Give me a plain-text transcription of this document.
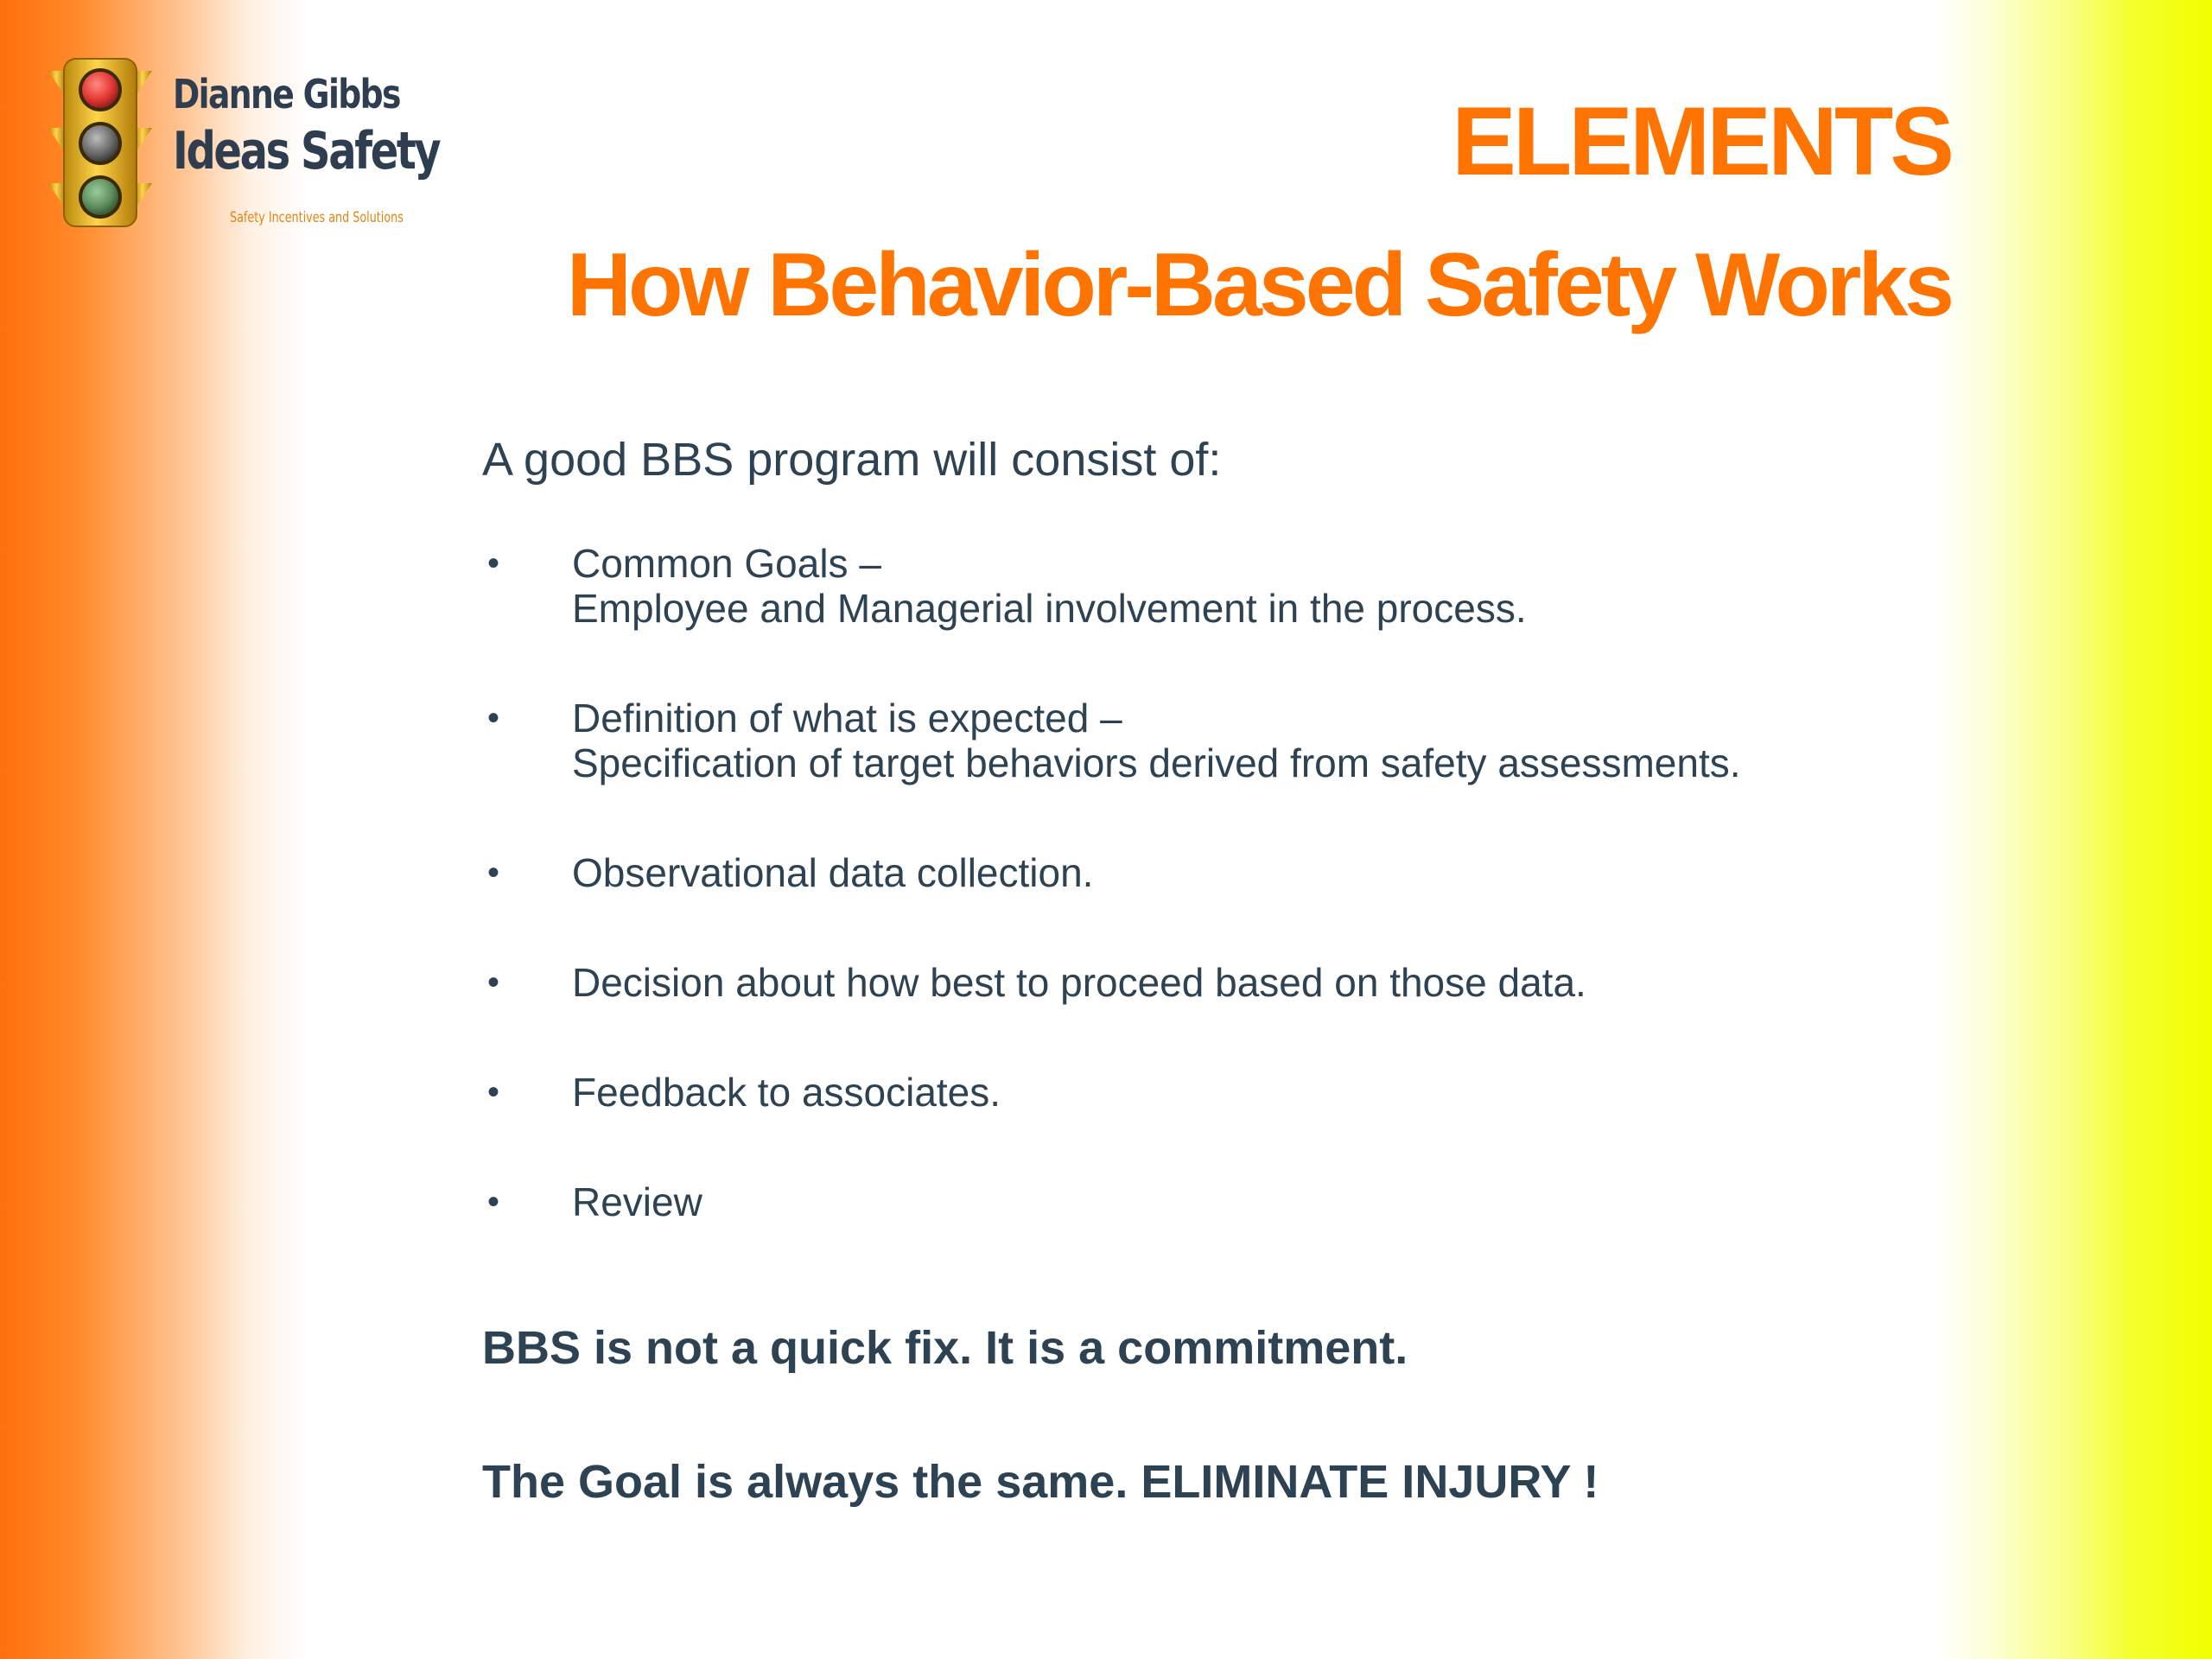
Dianne Gibbs
Ideas Safety
Safety Incentives and Solutions
ELEMENTS
How Behavior-Based Safety Works
A good BBS program will consist of:
• Common Goals –
Employee and Managerial involvement in the process.
• Definition of what is expected –
Specification of target behaviors derived from safety assessments.
• Observational data collection.
• Decision about how best to proceed based on those data.
• Feedback to associates.
• Review
BBS is not a quick fix. It is a commitment.
The Goal is always the same. ELIMINATE INJURY !
